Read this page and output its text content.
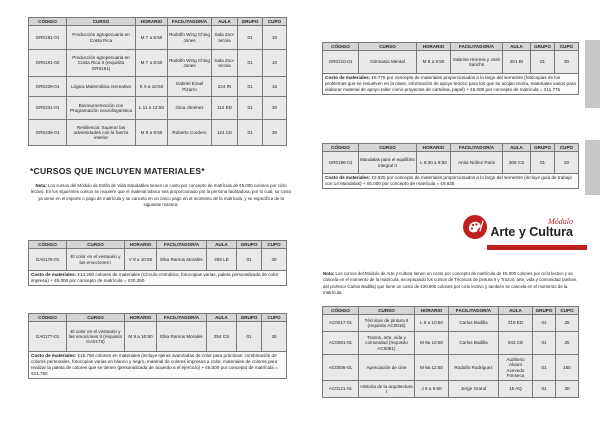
CÓDIGO	CURSO	HORARIO	FACILITADOR/A	AULA	GRUPO	CUPO
GR0191-01	Producción agropecuaria en Costa Rica	M 7 a 8:50	Rodolfo Wing Ching Jones	Sala Zoo-tecnia	01	10
GR0191-02	Producción agropecuaria en Costa Rica II (requisito GR0191)	M 7 a 8:50	Rodolfo Wing Ching Jones	Sala Zoo-tecnia	01	10
GR0229-01	Lógica Matemática recreativa	K 9 a 10:50	Gabriel Ezael Pizarro	224 IN	01	15
GR0231-01	Bioneuroemoción con Programación neurolingüística	L 11 a 12:50	Gina Jiménez	112 ED	01	30
GR0236-01	Resiliencia: Superar las adversidades con la fuerza interior	M 8 a 9:50	Roberto Cordero	124 CE	01	30
*CURSOS QUE INCLUYEN MATERIALES*
Nota: Los cursos del Módulo de Estilo de Vida Saludables tienen un costo por concepto de matrícula de ¢5.000 colones por ciclo lectivo. En los siguientes cursos se requiere que el material básico sea proporcionado por la persona facilitadora, por lo cual, su costo ya viene en el importe o pago de matrícula y se cancela en un único pago en el momento de la matrícula, y se especifica de la siguiente manera:
CÓDIGO	CURSO	HORARIO	FACILITADOR/A	AULA	GRUPO	CUPO
GA0176-01	El color en el vestuario y las emociones I	V 9 a 10:50	Elka Ramos Morales	255 LE	01	30
Costo de materiales: ¢14.250 colones de materiales (Círculo cromático, fotocopias varias, paleta personalizada de color impresa) + ¢6.000 por concepto de matrícula = ¢20.250						
CÓDIGO	CURSO	HORARIO	FACILITADOR/A	AULA	GRUPO	CUPO
GA0177-01	El color en el vestuario y las emociones II (requisito GA0176)	M 9 a 10:50	Elka Ramos Morales	254 CS	01	30
Costo de materiales: ¢15.750 colones en materiales (incluye tijeras avanzadas de color para prácticas: combinación de colores personales, fotocopias varias en blanco y negro, material de colores impresos a color, materiales de colores para realizar la paleta de colores que se tienen (personalizada de acuerdo a el ejercicio) + ¢6.000 por concepto de matrícula = ¢21.750						
CÓDIGO	CURSO	HORARIO	FACILITADOR/A	AULA	GRUPO	CUPO
GR0210-01	Gimnasia Mental	M 8 a 9:50	Sabrina Herrera y José Sancho	201 BI	01	30
Costo de materiales: ¢5.775 por concepto de materiales proporcionados a lo largo del semestre (fotocopias de los problemas que se resuelven en la clase, información de apoyo teórico para los que se acojan teoría, materiales varios para elaborar material de apoyo taller como proyectos de cartulina, papel) + ¢6.000 por concepto de matrícula = ¢11.775						
CÓDIGO	CURSO	HORARIO	FACILITADOR/A	AULA	GRUPO	CUPO
GR0196-01	Mandalas para el equilibrio integral II	L 8:30 a 9:50	Anita Núñez Paris	308 CS	01	20
Costo de materiales: ¢2.625 por concepto de materiales proporcionados a lo largo del semestre (incluye guía de trabajo con 14 Mandalas) + ¢6.000 por concepto de matrícula = ¢8.625						
Módulo
Arte y Cultura
Nota: Los cursos del Módulo de Arte y cultura tienen un costo por concepto de matrícula de ¢6.000 colones por ciclo lectivo y se cancela en el momento de la matrícula, exceptuando los cursos de Técnicas de pintura II y Trazos, arte, vida y comunidad (ambos del profesor Carlos Badilla) que tiene un costo de ¢20.000 colones por ciclo lectivo y también se cancela en el momento de la matrícula.
CÓDIGO	CURSO	HORARIO	FACILITADOR/A	AULA	GRUPO	CUPO
AC0017-01	Técnicas de pintura II (requisito AC0016)	L 9 a 10:50	Carlos Badilla	219 ED	01	25
AC0081-01	Trazos, arte, vida y comunidad (requisito AC0081)	M 9a 10:50	Carlos Badilla	043 CE	01	25
AC0006-01	Apreciación de cine	M 9a 12:50	Rodolfo Rodríguez	Auditorio Alvaro Acevedo Fonseca	01	150
AC0121-01	Historia de la arquitectura I	J 8 a 9:50	Jorge Grand	15 AQ	01	30
